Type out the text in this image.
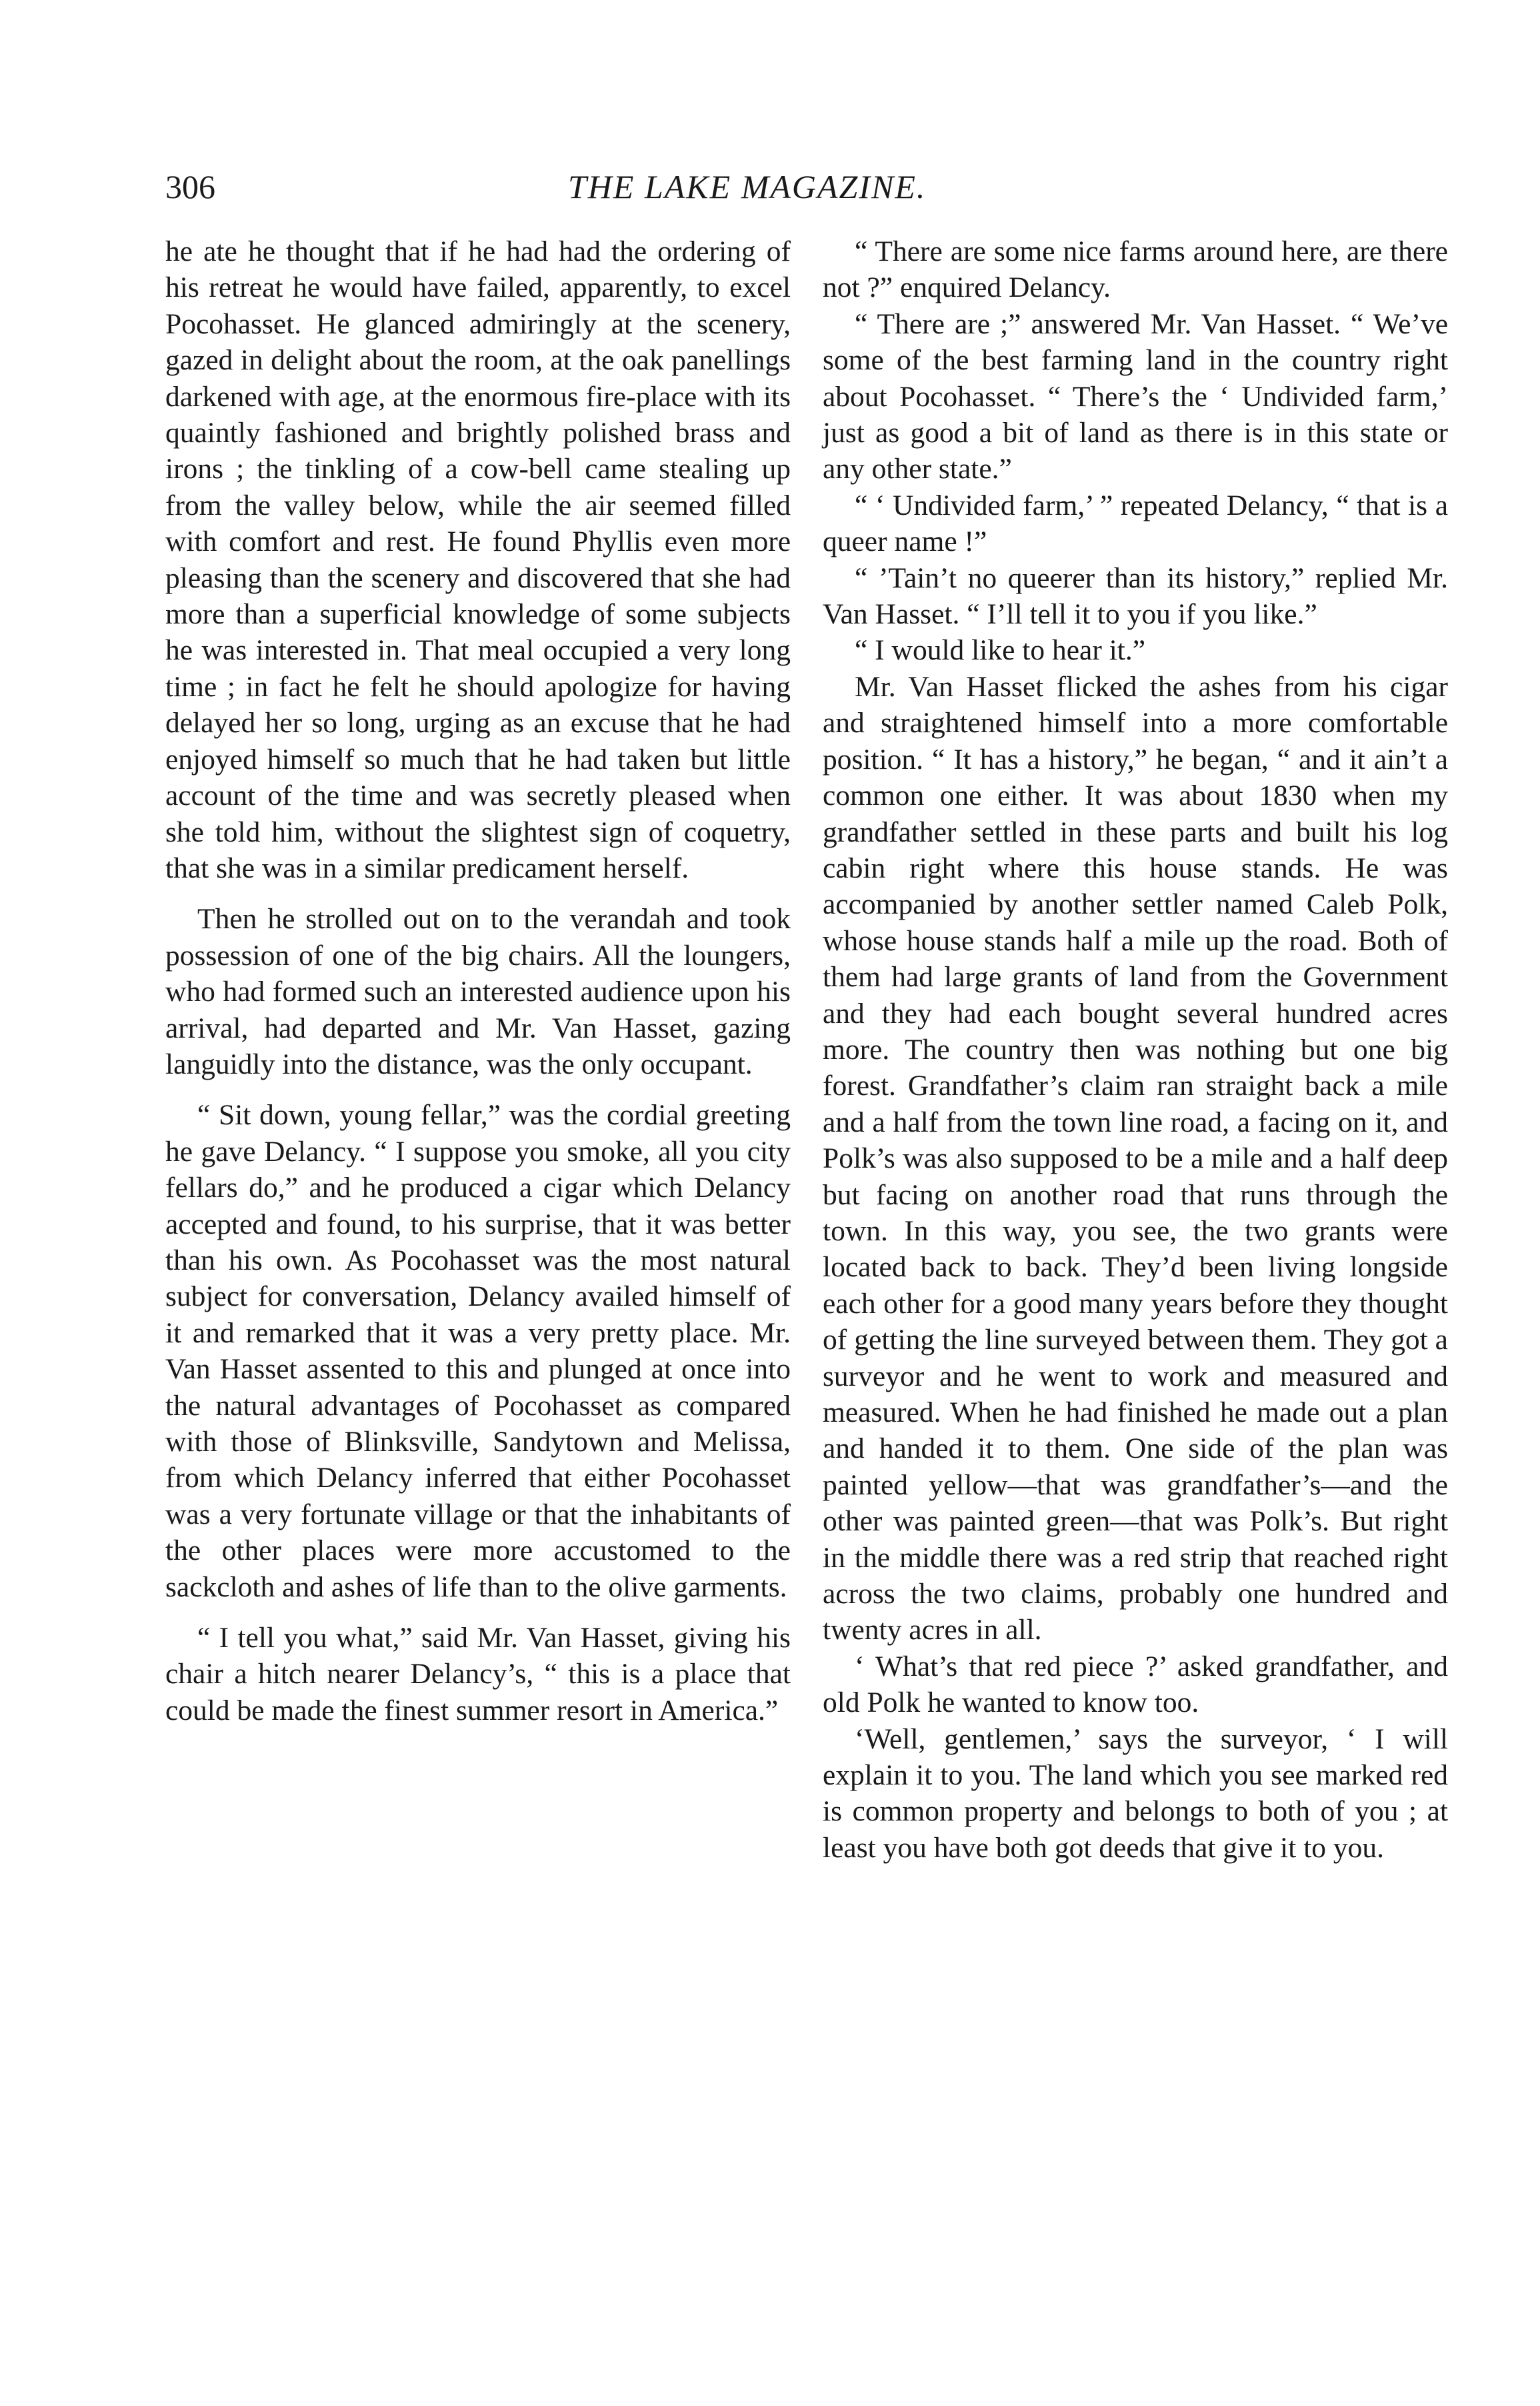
306	THE LAKE MAGAZINE.

he ate he thought that if he had had the ordering of his retreat he would have failed, apparently, to excel Pocohasset. He glanced admiringly at the scenery, gazed in delight about the room, at the oak panellings darkened with age, at the enormous fire-place with its quaintly fashioned and brightly polished brass and irons ; the tinkling of a cow-bell came stealing up from the valley below, while the air seemed filled with comfort and rest. He found Phyllis even more pleasing than the scenery and discovered that she had more than a superficial knowledge of some subjects he was interested in. That meal occupied a very long time ; in fact he felt he should apologize for having delayed her so long, urging as an excuse that he had enjoyed himself so much that he had taken but little account of the time and was secretly pleased when she told him, without the slightest sign of coquetry, that she was in a similar predicament herself.

Then he strolled out on to the verandah and took possession of one of the big chairs. All the loungers, who had formed such an interested audience upon his arrival, had departed and Mr. Van Hasset, gazing languidly into the distance, was the only occupant.

“ Sit down, young fellar,” was the cordial greeting he gave Delancy. “ I suppose you smoke, all you city fellars do,” and he produced a cigar which Delancy accepted and found, to his surprise, that it was better than his own. As Pocohasset was the most natural subject for conversation, Delancy availed himself of it and remarked that it was a very pretty place. Mr. Van Hasset assented to this and plunged at once into the natural advantages of Pocohasset as compared with those of Blinksville, Sandytown and Melissa, from which Delancy inferred that either Pocohasset was a very fortunate village or that the inhabitants of the other places were more accustomed to the sackcloth and ashes of life than to the olive garments.

“ I tell you what,” said Mr. Van Hasset, giving his chair a hitch nearer Delancy’s, “ this is a place that could be made the finest summer resort in America.”

“ There are some nice farms around here, are there not ?” enquired Delancy.

“ There are ;” answered Mr. Van Hasset. “ We’ve some of the best farming land in the country right about Pocohasset. “ There’s the ‘ Undivided farm,’ just as good a bit of land as there is in this state or any other state.”

“ ‘ Undivided farm,’ ” repeated Delancy, “ that is a queer name !”

“ ’Tain’t no queerer than its history,” replied Mr. Van Hasset. “ I’ll tell it to you if you like.”

“ I would like to hear it.”

Mr. Van Hasset flicked the ashes from his cigar and straightened himself into a more comfortable position. “ It has a history,” he began, “ and it ain’t a common one either. It was about 1830 when my grandfather settled in these parts and built his log cabin right where this house stands. He was accompanied by another settler named Caleb Polk, whose house stands half a mile up the road. Both of them had large grants of land from the Government and they had each bought several hundred acres more. The country then was nothing but one big forest. Grandfather’s claim ran straight back a mile and a half from the town line road, a facing on it, and Polk’s was also supposed to be a mile and a half deep but facing on another road that runs through the town. In this way, you see, the two grants were located back to back. They’d been living longside each other for a good many years before they thought of getting the line surveyed between them. They got a surveyor and he went to work and measured and measured. When he had finished he made out a plan and handed it to them. One side of the plan was painted yellow—that was grandfather’s—and the other was painted green—that was Polk’s. But right in the middle there was a red strip that reached right across the two claims, probably one hundred and twenty acres in all.

‘ What’s that red piece ?’ asked grandfather, and old Polk he wanted to know too.

‘Well, gentlemen,’ says the surveyor, ‘ I will explain it to you. The land which you see marked red is common property and belongs to both of you ; at least you have both got deeds that give it to you.
